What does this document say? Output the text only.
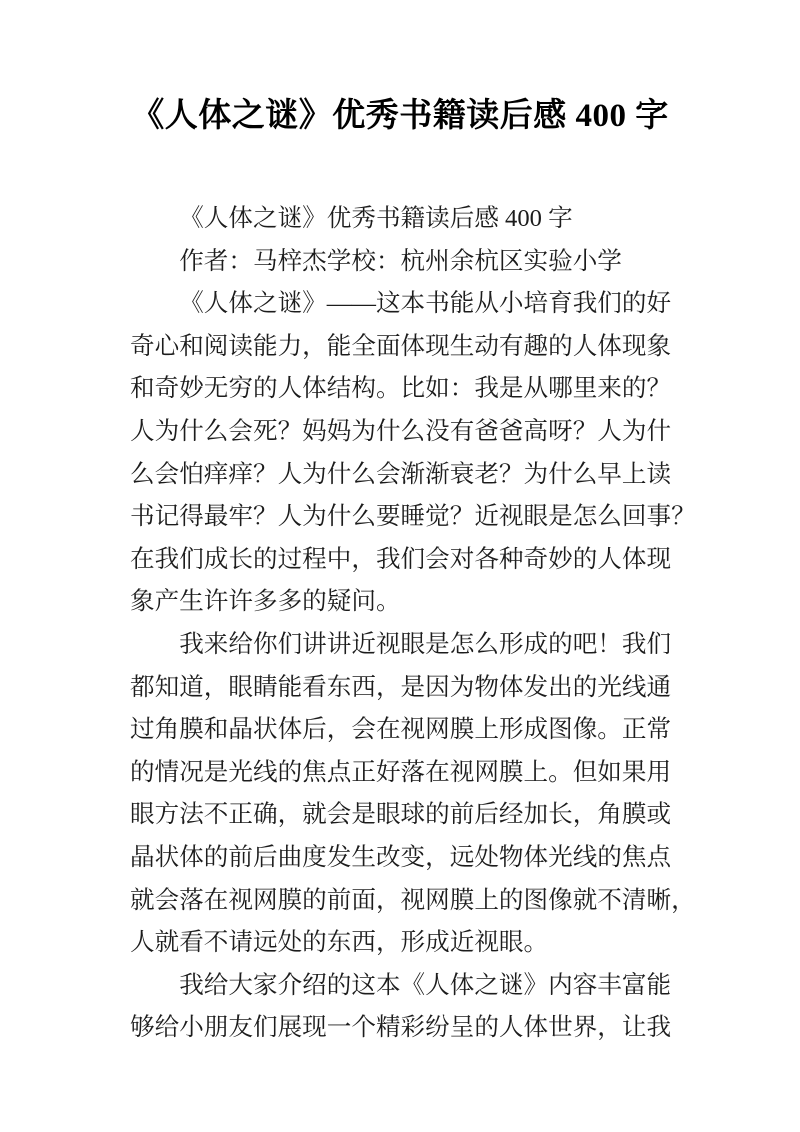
《人体之谜》优秀书籍读后感 400 字
《人体之谜》优秀书籍读后感 400 字
作者：马梓杰学校：杭州余杭区实验小学
《人体之谜》——这本书能从小培育我们的好
奇心和阅读能力，能全面体现生动有趣的人体现象
和奇妙无穷的人体结构。比如：我是从哪里来的？
人为什么会死？妈妈为什么没有爸爸高呀？人为什
么会怕痒痒？人为什么会渐渐衰老？为什么早上读
书记得最牢？人为什么要睡觉？近视眼是怎么回事？
在我们成长的过程中，我们会对各种奇妙的人体现
象产生许许多多的疑问。
我来给你们讲讲近视眼是怎么形成的吧！我们
都知道，眼睛能看东西，是因为物体发出的光线通
过角膜和晶状体后，会在视网膜上形成图像。正常
的情况是光线的焦点正好落在视网膜上。但如果用
眼方法不正确，就会是眼球的前后经加长，角膜或
晶状体的前后曲度发生改变，远处物体光线的焦点
就会落在视网膜的前面，视网膜上的图像就不清晰，
人就看不请远处的东西，形成近视眼。
我给大家介绍的这本《人体之谜》内容丰富能
够给小朋友们展现一个精彩纷呈的人体世界，让我
